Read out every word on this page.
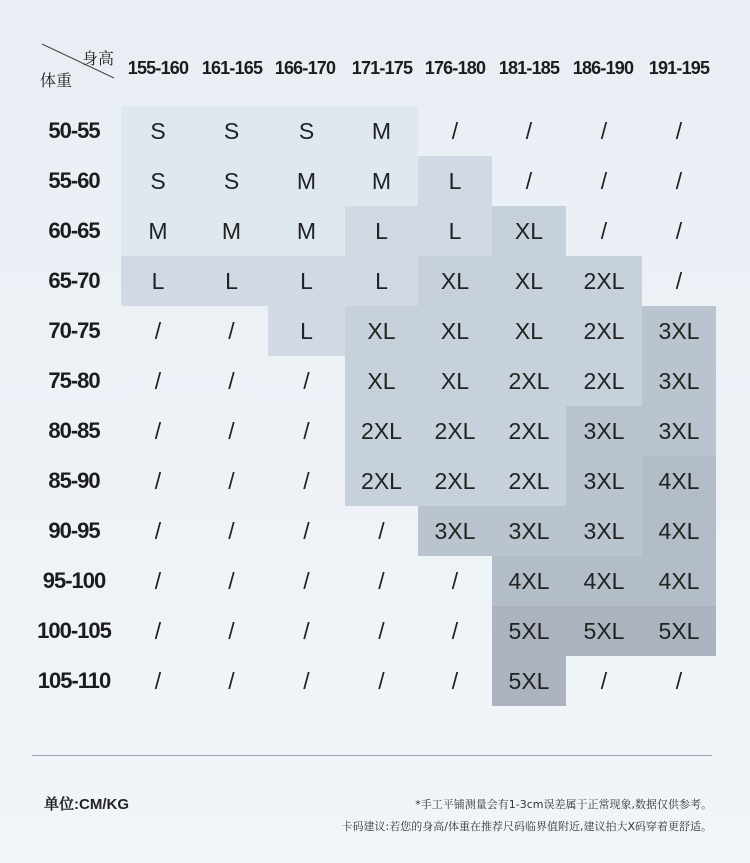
身高
体重
155-160 161-165 166-170 171-175 176-180 181-185 186-190 191-195
50-55	S	S	S	M	/	/	/	/
55-60	S	S	M	M	L	/	/	/
60-65	M	M	M	L	L	XL	/	/
65-70	L	L	L	L	XL	XL	2XL	/
70-75	/	/	L	XL	XL	XL	2XL	3XL
75-80	/	/	/	XL	XL	2XL	2XL	3XL
80-85	/	/	/	2XL	2XL	2XL	3XL	3XL
85-90	/	/	/	2XL	2XL	2XL	3XL	4XL
90-95	/	/	/	/	3XL	3XL	3XL	4XL
95-100	/	/	/	/	/	4XL	4XL	4XL
100-105	/	/	/	/	/	5XL	5XL	5XL
105-110	/	/	/	/	/	5XL	/	/
单位:CM/KG	*手工平铺测量会有1-3cm误差属于正常现象,数据仅供参考。
卡码建议:若您的身高/体重在推荐尺码临界值附近,建议拍大X码穿着更舒适。
